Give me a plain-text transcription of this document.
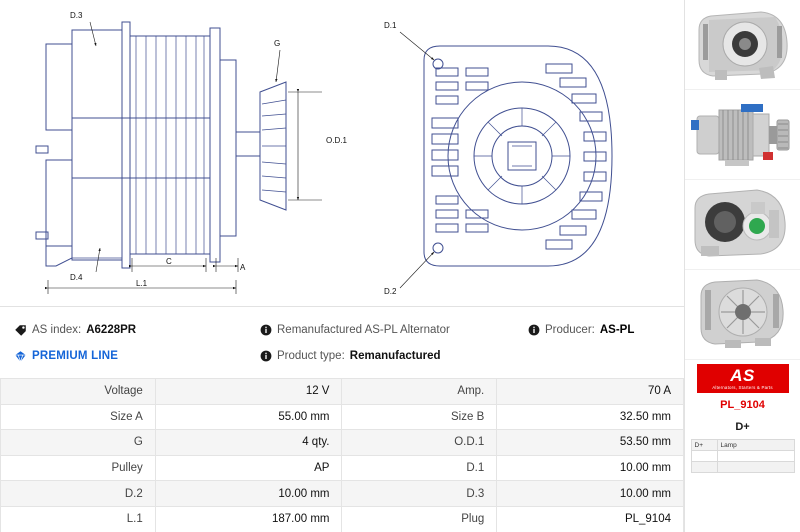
D.3
G
O.D.1
D.4
C
A
L.1
D.1
D.2
AS index: A6228PR	Remanufactured AS-PL Alternator	Producer: AS-PL
PREMIUM LINE	Product type: Remanufactured
Voltage	12 V	Amp.	70 A
Size A	55.00 mm	Size B	32.50 mm
G	4 qty.	O.D.1	53.50 mm
Pulley	AP	D.1	10.00 mm
D.2	10.00 mm	D.3	10.00 mm
L.1	187.00 mm	Plug	PL_9104
AS
Alternators, Starters & Parts
PL_9104
D+
D+	Lamp
